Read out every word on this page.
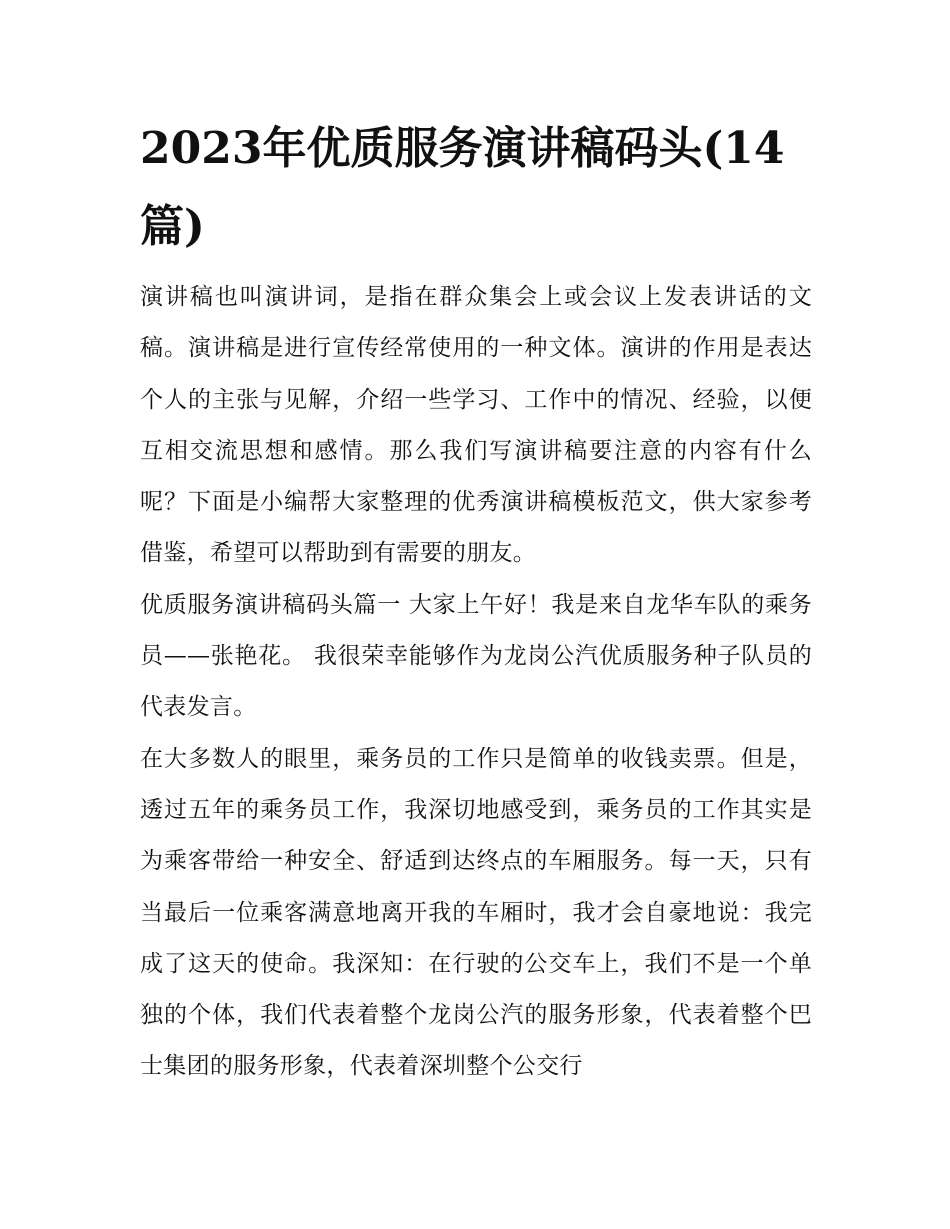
2023年优质服务演讲稿码头(14篇)

演讲稿也叫演讲词，是指在群众集会上或会议上发表讲话的文稿。演讲稿是进行宣传经常使用的一种文体。演讲的作用是表达个人的主张与见解，介绍一些学习、工作中的情况、经验，以便互相交流思想和感情。那么我们写演讲稿要注意的内容有什么呢？下面是小编帮大家整理的优秀演讲稿模板范文，供大家参考借鉴，希望可以帮助到有需要的朋友。

优质服务演讲稿码头篇一 大家上午好！我是来自龙华车队的乘务员——张艳花。 我很荣幸能够作为龙岗公汽优质服务种子队员的代表发言。

在大多数人的眼里，乘务员的工作只是简单的收钱卖票。但是，透过五年的乘务员工作，我深切地感受到，乘务员的工作其实是为乘客带给一种安全、舒适到达终点的车厢服务。每一天，只有当最后一位乘客满意地离开我的车厢时，我才会自豪地说：我完成了这天的使命。我深知：在行驶的公交车上，我们不是一个单独的个体，我们代表着整个龙岗公汽的服务形象，代表着整个巴士集团的服务形象，代表着深圳整个公交行
